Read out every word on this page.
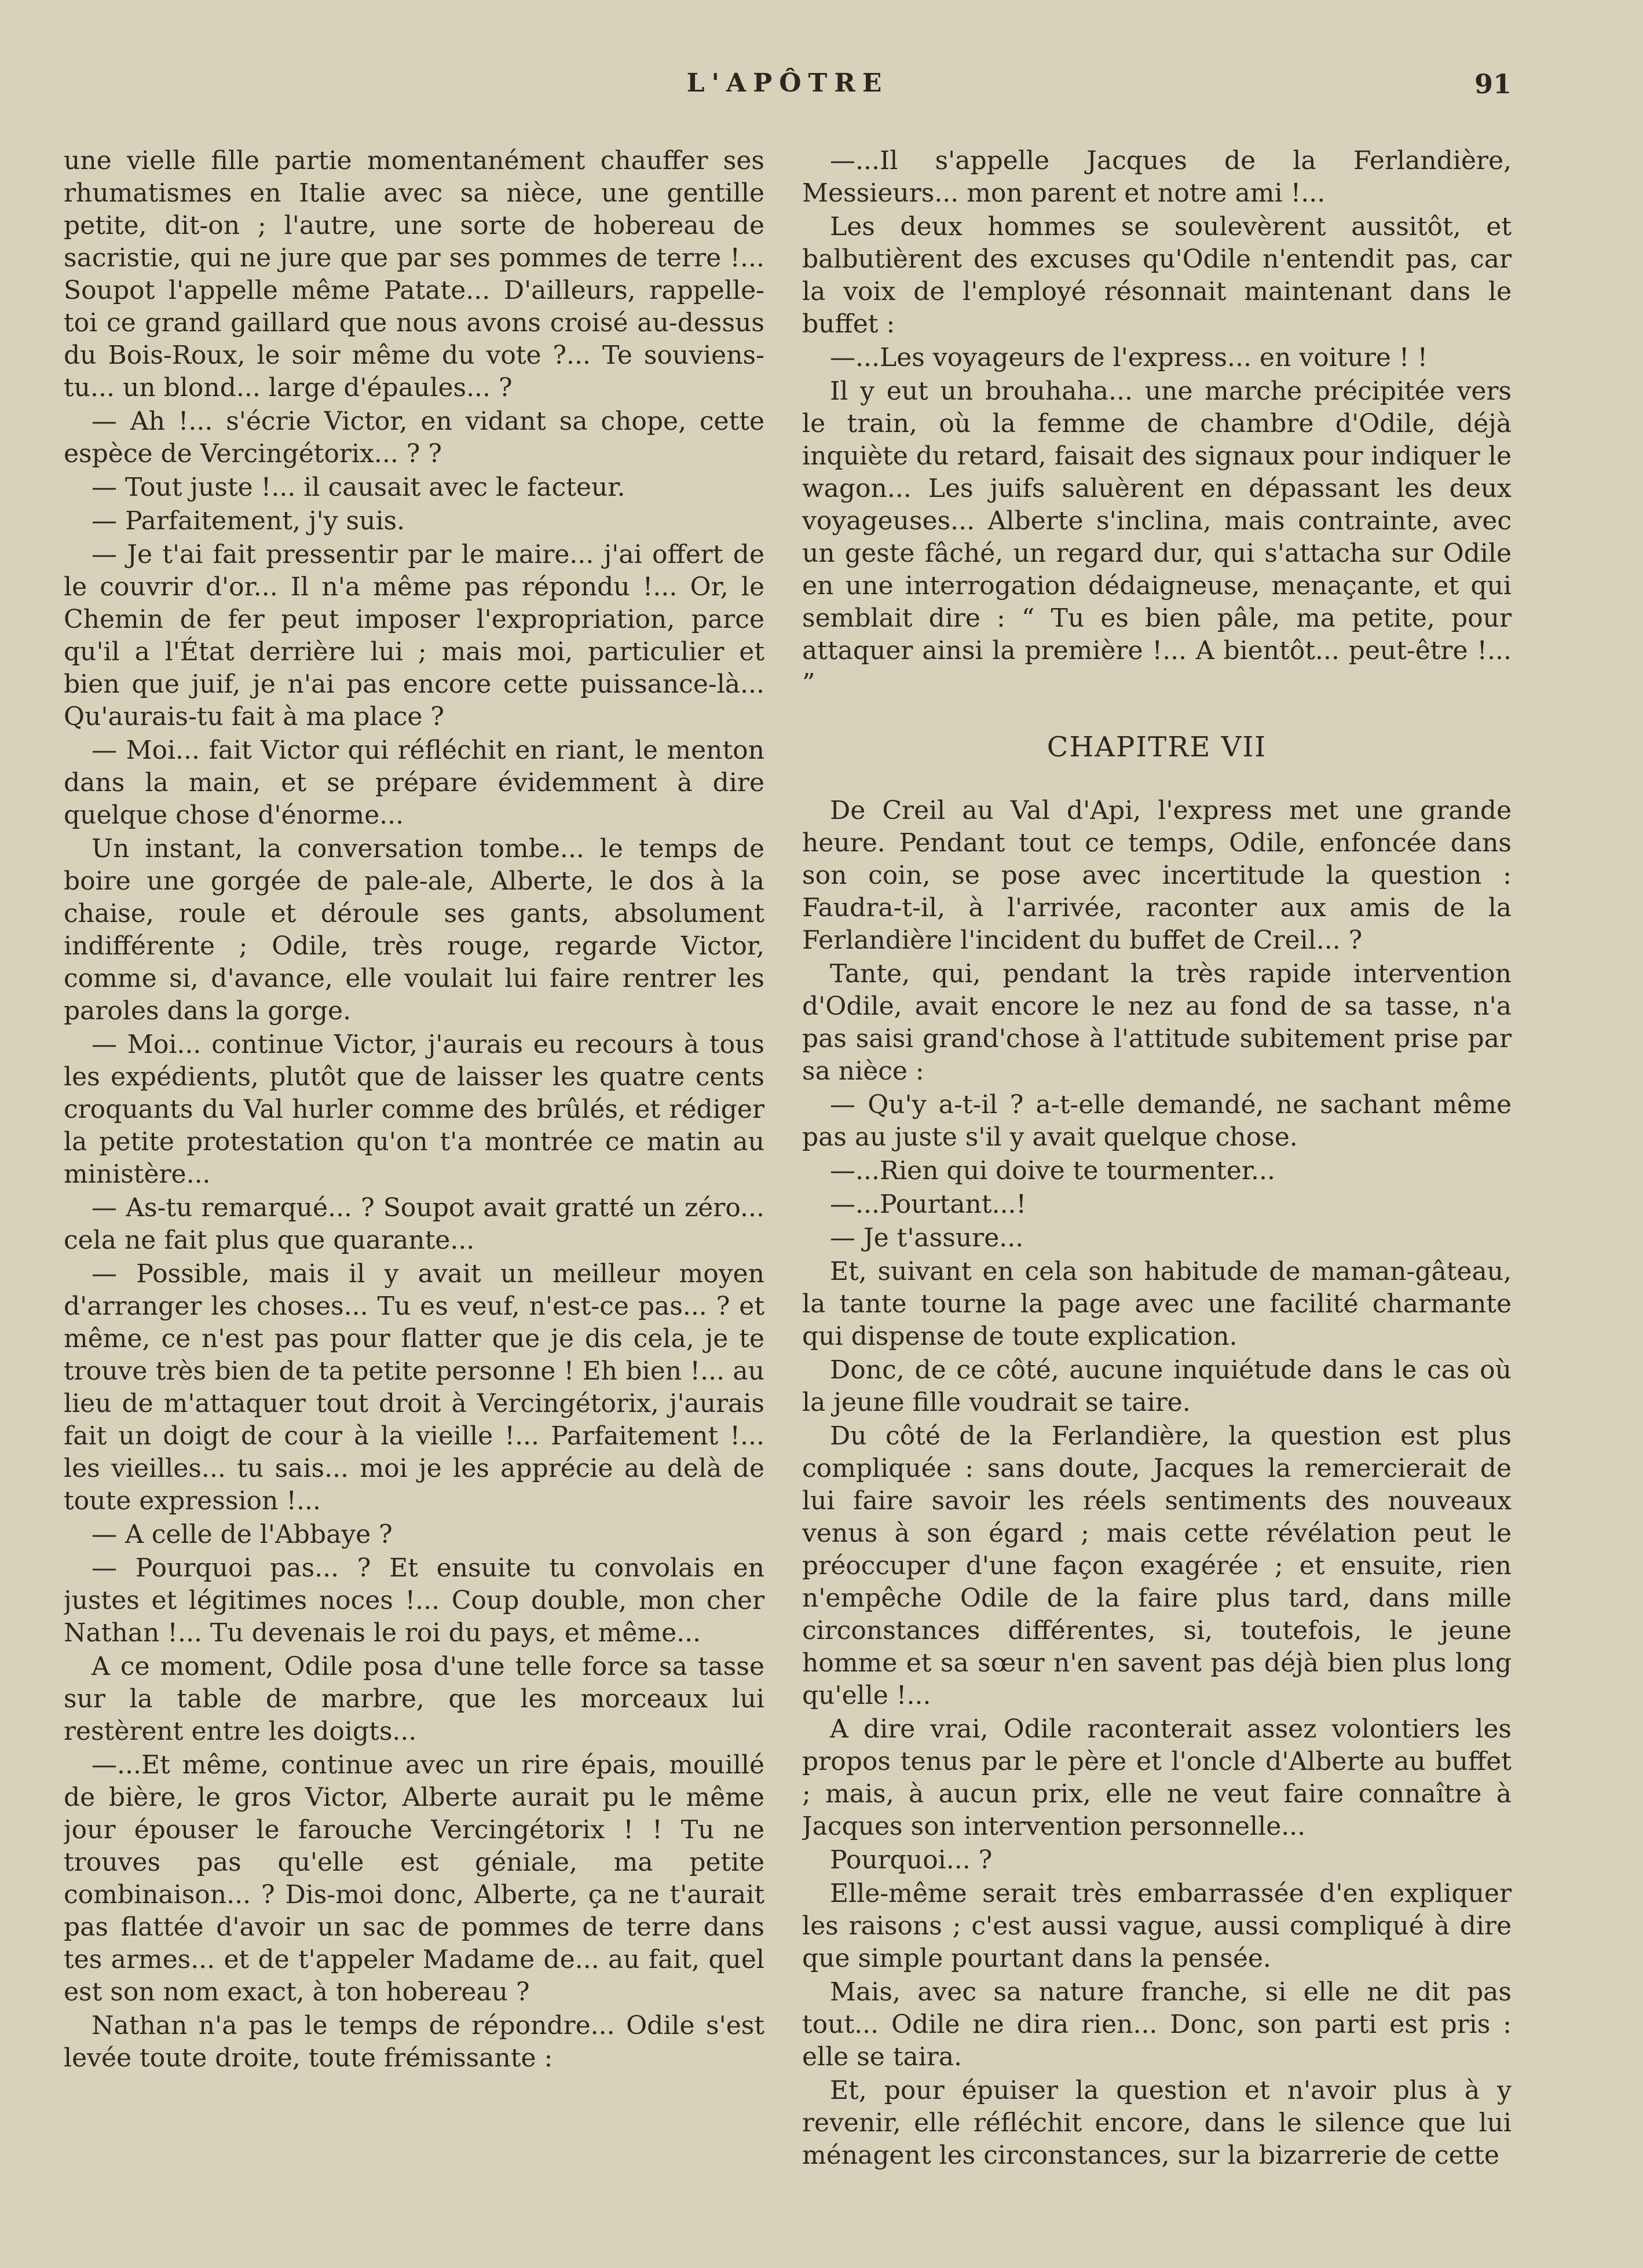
L'APÔTRE	91

une vielle fille partie momentanément chauffer ses rhumatismes en Italie avec sa nièce, une gentille petite, dit-on ; l'autre, une sorte de hobereau de sacristie, qui ne jure que par ses pommes de terre !... Soupot l'appelle même Patate... D'ailleurs, rappelle-toi ce grand gaillard que nous avons croisé au-dessus du Bois-Roux, le soir même du vote ?... Te souviens-tu... un blond... large d'épaules... ?

— Ah !... s'écrie Victor, en vidant sa chope, cette espèce de Vercingétorix... ? ?

— Tout juste !... il causait avec le facteur.

— Parfaitement, j'y suis.

— Je t'ai fait pressentir par le maire... j'ai offert de le couvrir d'or... Il n'a même pas répondu !... Or, le Chemin de fer peut imposer l'expropriation, parce qu'il a l'État derrière lui ; mais moi, particulier et bien que juif, je n'ai pas encore cette puissance-là... Qu'aurais-tu fait à ma place ?

— Moi... fait Victor qui réfléchit en riant, le menton dans la main, et se prépare évidemment à dire quelque chose d'énorme...

Un instant, la conversation tombe... le temps de boire une gorgée de pale-ale, Alberte, le dos à la chaise, roule et déroule ses gants, absolument indifférente ; Odile, très rouge, regarde Victor, comme si, d'avance, elle voulait lui faire rentrer les paroles dans la gorge.

— Moi... continue Victor, j'aurais eu recours à tous les expédients, plutôt que de laisser les quatre cents croquants du Val hurler comme des brûlés, et rédiger la petite protestation qu'on t'a montrée ce matin au ministère...

— As-tu remarqué... ? Soupot avait gratté un zéro... cela ne fait plus que quarante...

— Possible, mais il y avait un meilleur moyen d'arranger les choses... Tu es veuf, n'est-ce pas... ? et même, ce n'est pas pour flatter que je dis cela, je te trouve très bien de ta petite personne ! Eh bien !... au lieu de m'attaquer tout droit à Vercingétorix, j'aurais fait un doigt de cour à la vieille !... Parfaitement !... les vieilles... tu sais... moi je les apprécie au delà de toute expression !...

— A celle de l'Abbaye ?

— Pourquoi pas... ? Et ensuite tu convolais en justes et légitimes noces !... Coup double, mon cher Nathan !... Tu devenais le roi du pays, et même...

A ce moment, Odile posa d'une telle force sa tasse sur la table de marbre, que les morceaux lui restèrent entre les doigts...

—...Et même, continue avec un rire épais, mouillé de bière, le gros Victor, Alberte aurait pu le même jour épouser le farouche Vercingétorix ! ! Tu ne trouves pas qu'elle est géniale, ma petite combinaison... ? Dis-moi donc, Alberte, ça ne t'aurait pas flattée d'avoir un sac de pommes de terre dans tes armes... et de t'appeler Madame de... au fait, quel est son nom exact, à ton hobereau ?

Nathan n'a pas le temps de répondre... Odile s'est levée toute droite, toute frémissante :

—...Il s'appelle Jacques de la Ferlandière, Messieurs... mon parent et notre ami !...

Les deux hommes se soulevèrent aussitôt, et balbutièrent des excuses qu'Odile n'entendit pas, car la voix de l'employé résonnait maintenant dans le buffet :

—...Les voyageurs de l'express... en voiture ! !

Il y eut un brouhaha... une marche précipitée vers le train, où la femme de chambre d'Odile, déjà inquiète du retard, faisait des signaux pour indiquer le wagon... Les juifs saluèrent en dépassant les deux voyageuses... Alberte s'inclina, mais contrainte, avec un geste fâché, un regard dur, qui s'attacha sur Odile en une interrogation dédaigneuse, menaçante, et qui semblait dire : “ Tu es bien pâle, ma petite, pour attaquer ainsi la première !... A bientôt... peut-être !... ”

CHAPITRE VII

De Creil au Val d'Api, l'express met une grande heure. Pendant tout ce temps, Odile, enfoncée dans son coin, se pose avec incertitude la question : Faudra-t-il, à l'arrivée, raconter aux amis de la Ferlandière l'incident du buffet de Creil... ?

Tante, qui, pendant la très rapide intervention d'Odile, avait encore le nez au fond de sa tasse, n'a pas saisi grand'chose à l'attitude subitement prise par sa nièce :

— Qu'y a-t-il ? a-t-elle demandé, ne sachant même pas au juste s'il y avait quelque chose.

—...Rien qui doive te tourmenter...

—...Pourtant...!

— Je t'assure...

Et, suivant en cela son habitude de maman-gâteau, la tante tourne la page avec une facilité charmante qui dispense de toute explication.

Donc, de ce côté, aucune inquiétude dans le cas où la jeune fille voudrait se taire.

Du côté de la Ferlandière, la question est plus compliquée : sans doute, Jacques la remercierait de lui faire savoir les réels sentiments des nouveaux venus à son égard ; mais cette révélation peut le préoccuper d'une façon exagérée ; et ensuite, rien n'empêche Odile de la faire plus tard, dans mille circonstances différentes, si, toutefois, le jeune homme et sa sœur n'en savent pas déjà bien plus long qu'elle !...

A dire vrai, Odile raconterait assez volontiers les propos tenus par le père et l'oncle d'Alberte au buffet ; mais, à aucun prix, elle ne veut faire connaître à Jacques son intervention personnelle...

Pourquoi... ?

Elle-même serait très embarrassée d'en expliquer les raisons ; c'est aussi vague, aussi compliqué à dire que simple pourtant dans la pensée.

Mais, avec sa nature franche, si elle ne dit pas tout... Odile ne dira rien... Donc, son parti est pris : elle se taira.

Et, pour épuiser la question et n'avoir plus à y revenir, elle réfléchit encore, dans le silence que lui ménagent les circonstances, sur la bizarrerie de cette
